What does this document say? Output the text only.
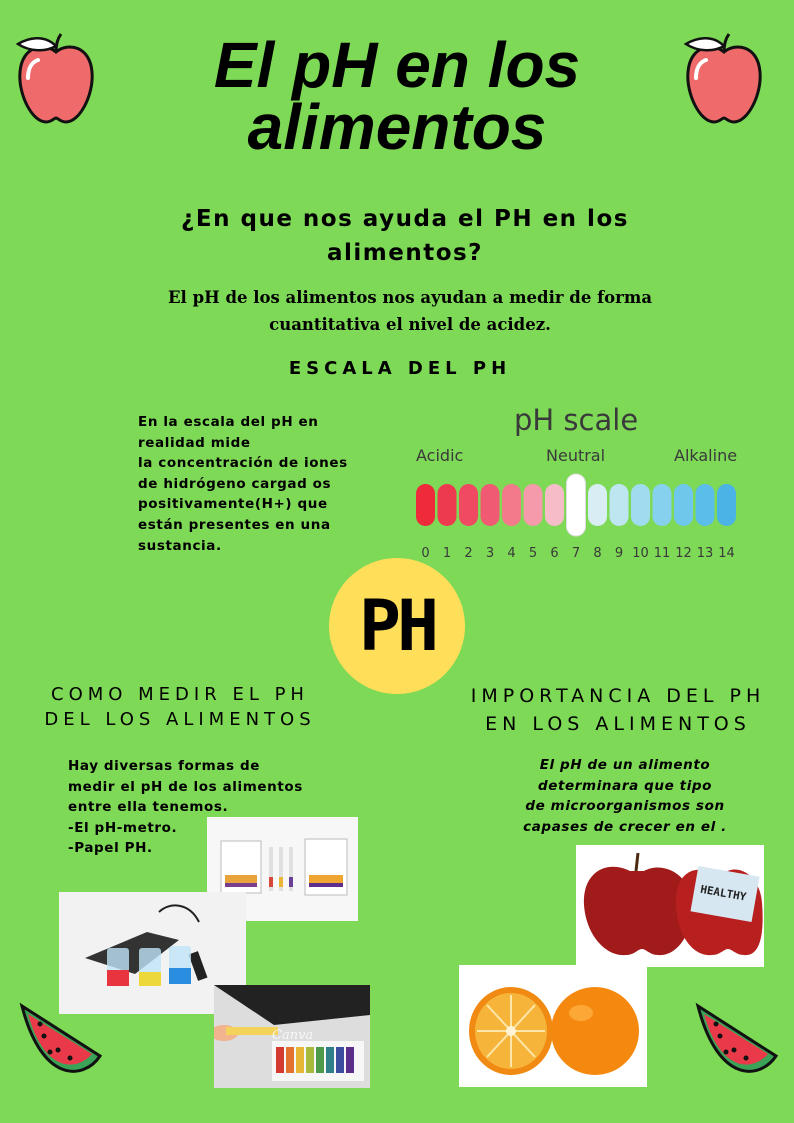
El pH en los alimentos
¿En que nos ayuda el PH en los alimentos?

El pH de los alimentos nos ayudan a medir de forma cuantitativa el nivel de acidez.

ESCALA DEL PH

En la escala del pH en realidad mide
la concentración de iones de hidrógeno cargad os positivamente(H+) que están presentes en una sustancia.

pH scale
Acidic	Neutral	Alkaline
0 1 2 3 4 5 6 7 8 9 10 11 12 13 14
PH
COMO MEDIR EL PH DEL LOS ALIMENTOS

Hay diversas formas de medir el pH de los alimentos entre ella tenemos.
-El pH-metro.
-Papel PH.

IMPORTANCIA DEL PH EN LOS ALIMENTOS

El pH de un alimento
determinara que tipo
de microorganismos son
capases de crecer en el .

Canva
HEALTHY
